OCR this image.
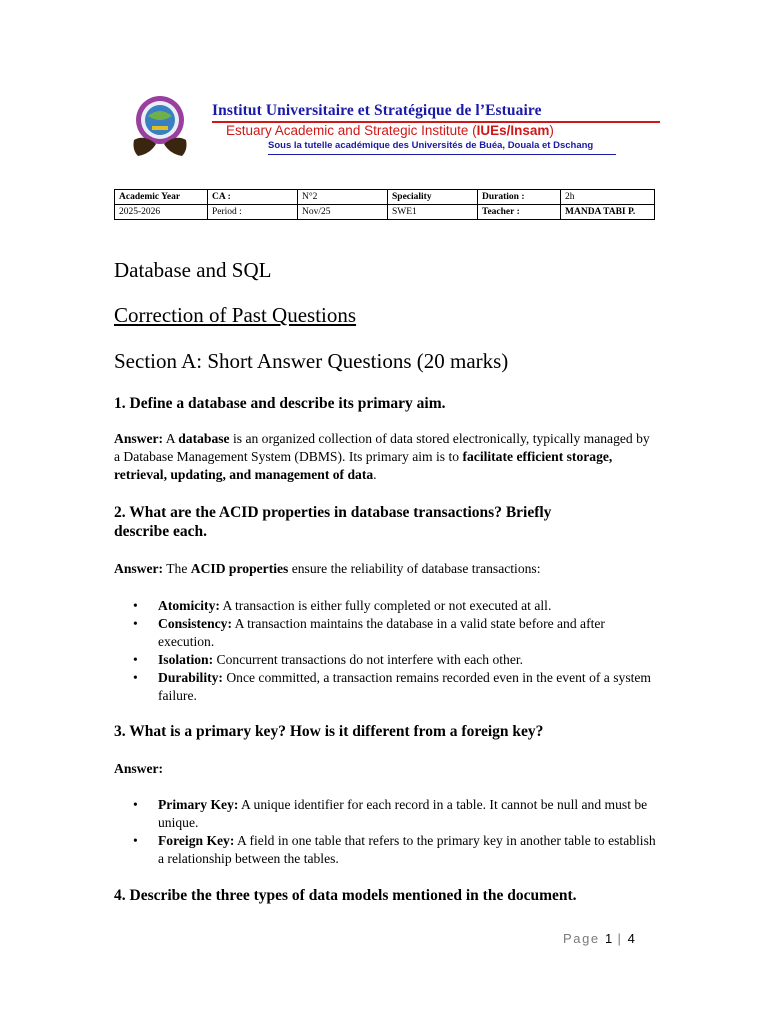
Institut Universitaire et Stratégique de l’Estuaire
Estuary Academic and Strategic Institute (IUEs/Insam)
Sous la tutelle académique des Universités de Buéa, Douala et Dschang
Academic Year	CA :	N°2	Speciality	Duration :	2h
2025-2026	Period :	Nov/25	SWE1	Teacher :	MANDA TABI P.
Database and SQL
Correction of Past Questions
Section A: Short Answer Questions (20 marks)
1. Define a database and describe its primary aim.
Answer: A database is an organized collection of data stored electronically, typically managed by a Database Management System (DBMS). Its primary aim is to facilitate efficient storage, retrieval, updating, and management of data.
2. What are the ACID properties in database transactions? Briefly
describe each.
Answer: The ACID properties ensure the reliability of database transactions:
• Atomicity: A transaction is either fully completed or not executed at all.
• Consistency: A transaction maintains the database in a valid state before and after execution.
• Isolation: Concurrent transactions do not interfere with each other.
• Durability: Once committed, a transaction remains recorded even in the event of a system failure.
3. What is a primary key? How is it different from a foreign key?
Answer:
• Primary Key: A unique identifier for each record in a table. It cannot be null and must be unique.
• Foreign Key: A field in one table that refers to the primary key in another table to establish a relationship between the tables.
4. Describe the three types of data models mentioned in the document.
Page 1 | 4
